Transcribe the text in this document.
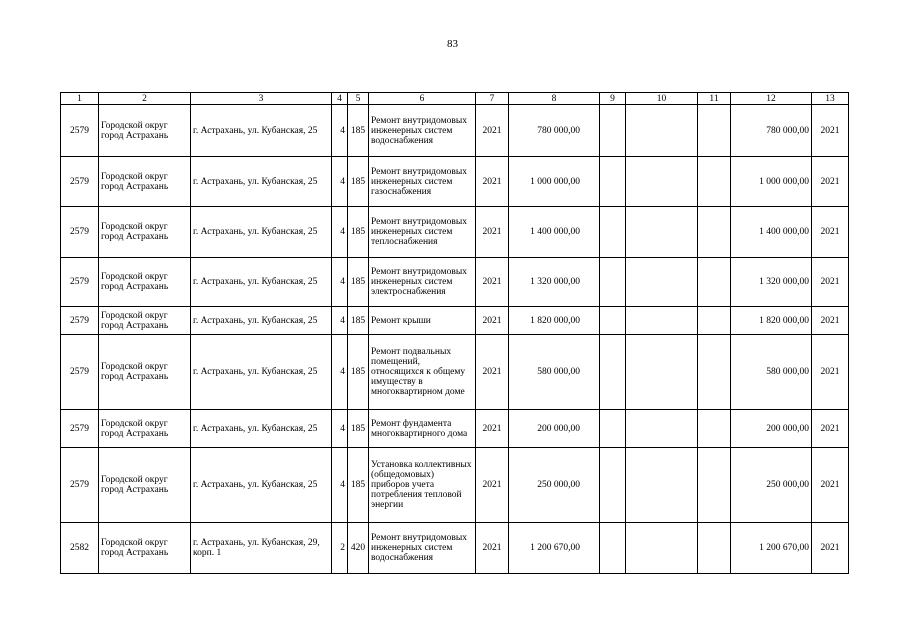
83
1	2	3	4	5	6	7	8	9	10	11	12	13
2579	Городской округ город Астрахань	г. Астрахань, ул. Кубанская, 25	4	185	Ремонт внутридомовых инженерных систем водоснабжения	2021	780 000,00				780 000,00	2021
2579	Городской округ город Астрахань	г. Астрахань, ул. Кубанская, 25	4	185	Ремонт внутридомовых инженерных систем газоснабжения	2021	1 000 000,00				1 000 000,00	2021
2579	Городской округ город Астрахань	г. Астрахань, ул. Кубанская, 25	4	185	Ремонт внутридомовых инженерных систем теплоснабжения	2021	1 400 000,00				1 400 000,00	2021
2579	Городской округ город Астрахань	г. Астрахань, ул. Кубанская, 25	4	185	Ремонт внутридомовых инженерных систем электроснабжения	2021	1 320 000,00				1 320 000,00	2021
2579	Городской округ город Астрахань	г. Астрахань, ул. Кубанская, 25	4	185	Ремонт крыши	2021	1 820 000,00				1 820 000,00	2021
2579	Городской округ город Астрахань	г. Астрахань, ул. Кубанская, 25	4	185	Ремонт подвальных помещений, относящихся к общему имуществу в многоквартирном доме	2021	580 000,00				580 000,00	2021
2579	Городской округ город Астрахань	г. Астрахань, ул. Кубанская, 25	4	185	Ремонт фундамента многоквартирного дома	2021	200 000,00				200 000,00	2021
2579	Городской округ город Астрахань	г. Астрахань, ул. Кубанская, 25	4	185	Установка коллективных (общедомовых) приборов учета потребления тепловой энергии	2021	250 000,00				250 000,00	2021
2582	Городской округ город Астрахань	г. Астрахань, ул. Кубанская, 29, корп. 1	2	420	Ремонт внутридомовых инженерных систем водоснабжения	2021	1 200 670,00				1 200 670,00	2021
